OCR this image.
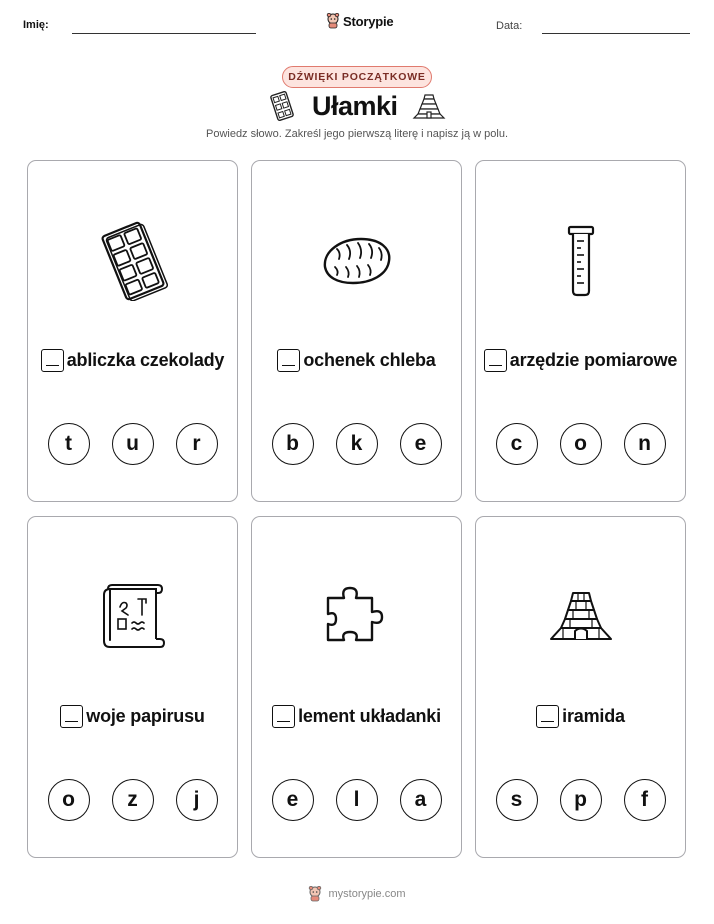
Imię:	Storypie	Data:
DŹWIĘKI POCZĄTKOWE
Ułamki
Powiedz słowo. Zakreśl jego pierwszą literę i napisz ją w polu.
abliczka czekolady
t	u	r
ochenek chleba
b	k	e
arzędzie pomiarowe
c	o	n
woje papirusu
o	z	j
lement układanki
e	l	a
iramida
s	p	f
mystorypie.com
